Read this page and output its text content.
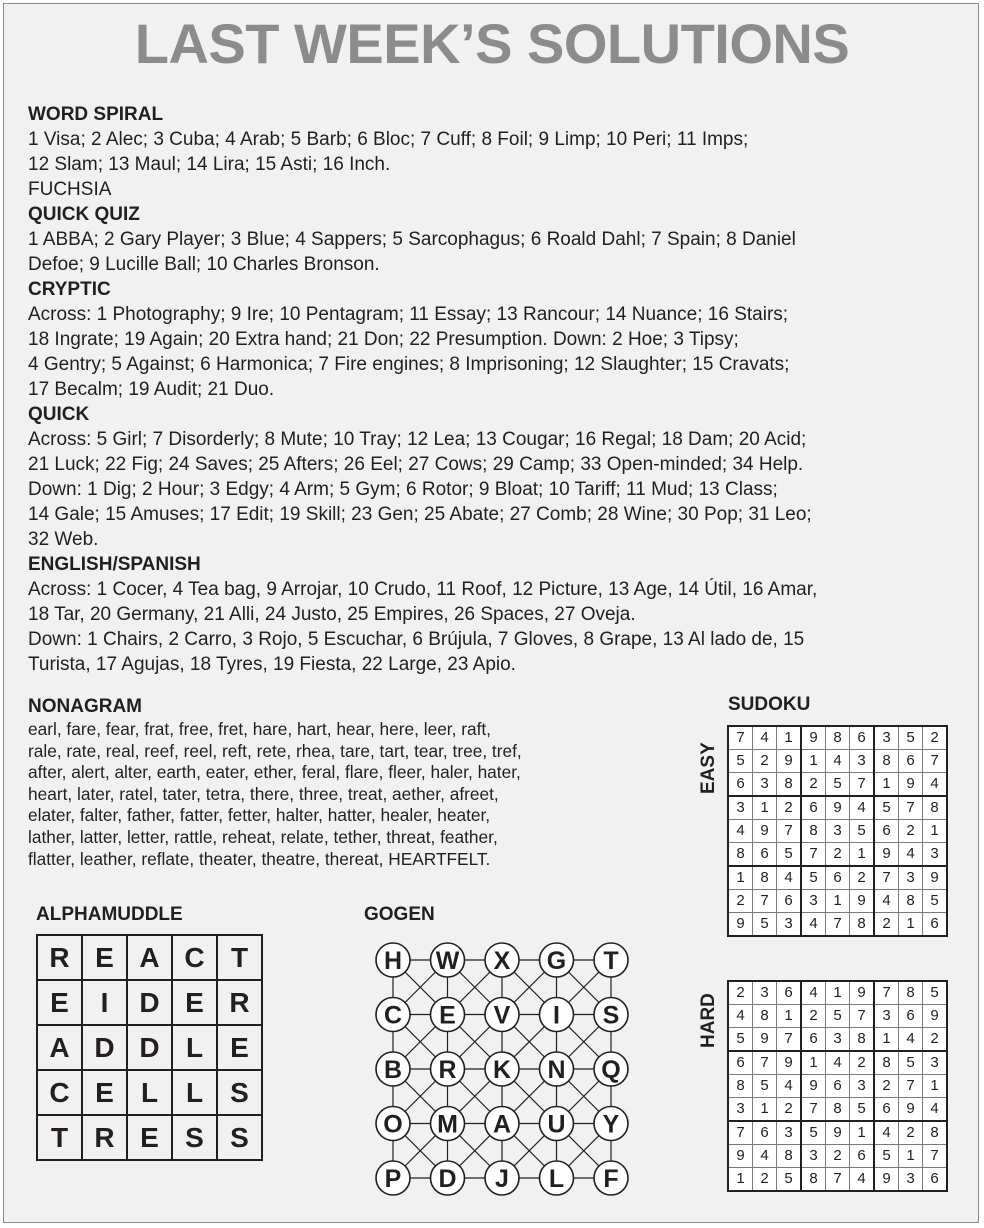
LAST WEEK’S SOLUTIONS
WORD SPIRAL

1 Visa; 2 Alec; 3 Cuba; 4 Arab; 5 Barb; 6 Bloc; 7 Cuff; 8 Foil; 9 Limp; 10 Peri; 11 Imps;

12 Slam; 13 Maul; 14 Lira; 15 Asti; 16 Inch.

FUCHSIA

QUICK QUIZ

1 ABBA; 2 Gary Player; 3 Blue; 4 Sappers; 5 Sarcophagus; 6 Roald Dahl; 7 Spain; 8 Daniel

Defoe; 9 Lucille Ball; 10 Charles Bronson.

CRYPTIC

Across: 1 Photography; 9 Ire; 10 Pentagram; 11 Essay; 13 Rancour; 14 Nuance; 16 Stairs;

18 Ingrate; 19 Again; 20 Extra hand; 21 Don; 22 Presumption. Down: 2 Hoe; 3 Tipsy;

4 Gentry; 5 Against; 6 Harmonica; 7 Fire engines; 8 Imprisoning; 12 Slaughter; 15 Cravats;

17 Becalm; 19 Audit; 21 Duo.

QUICK

Across: 5 Girl; 7 Disorderly; 8 Mute; 10 Tray; 12 Lea; 13 Cougar; 16 Regal; 18 Dam; 20 Acid;

21 Luck; 22 Fig; 24 Saves; 25 Afters; 26 Eel; 27 Cows; 29 Camp; 33 Open-minded; 34 Help.

Down: 1 Dig; 2 Hour; 3 Edgy; 4 Arm; 5 Gym; 6 Rotor; 9 Bloat; 10 Tariff; 11 Mud; 13 Class;

14 Gale; 15 Amuses; 17 Edit; 19 Skill; 23 Gen; 25 Abate; 27 Comb; 28 Wine; 30 Pop; 31 Leo;

32 Web.

ENGLISH/SPANISH

Across: 1 Cocer, 4 Tea bag, 9 Arrojar, 10 Crudo, 11 Roof, 12 Picture, 13 Age, 14 Útil, 16 Amar,

18 Tar, 20 Germany, 21 Alli, 24 Justo, 25 Empires, 26 Spaces, 27 Oveja.

Down: 1 Chairs, 2 Carro, 3 Rojo, 5 Escuchar, 6 Brújula, 7 Gloves, 8 Grape, 13 Al lado de, 15

Turista, 17 Agujas, 18 Tyres, 19 Fiesta, 22 Large, 23 Apio.

NONAGRAM
earl, fare, fear, frat, free, fret, hare, hart, hear, here, leer, raft,
rale, rate, real, reef, reel, reft, rete, rhea, tare, tart, tear, tree, tref,
after, alert, alter, earth, eater, ether, feral, flare, fleer, haler, hater,
heart, later, ratel, tater, tetra, there, three, treat, aether, afreet,
elater, falter, father, fatter, fetter, halter, hatter, healer, heater,
lather, latter, letter, rattle, reheat, relate, tether, threat, feather,
flatter, leather, reflate, theater, theatre, thereat, HEARTFELT.
ALPHAMUDDLE
R	E	A	C	T
E	I	D	E	R
A	D	D	L	E
C	E	L	L	S
T	R	E	S	S
GOGEN
H W X G T
C E V I S
B R K N Q
O M A U Y
P D J L F
SUDOKU
EASY
7	4	1	9	8	6	3	5	2
5	2	9	1	4	3	8	6	7
6	3	8	2	5	7	1	9	4
3	1	2	6	9	4	5	7	8
4	9	7	8	3	5	6	2	1
8	6	5	7	2	1	9	4	3
1	8	4	5	6	2	7	3	9
2	7	6	3	1	9	4	8	5
9	5	3	4	7	8	2	1	6
HARD
2	3	6	4	1	9	7	8	5
4	8	1	2	5	7	3	6	9
5	9	7	6	3	8	1	4	2
6	7	9	1	4	2	8	5	3
8	5	4	9	6	3	2	7	1
3	1	2	7	8	5	6	9	4
7	6	3	5	9	1	4	2	8
9	4	8	3	2	6	5	1	7
1	2	5	8	7	4	9	3	6
